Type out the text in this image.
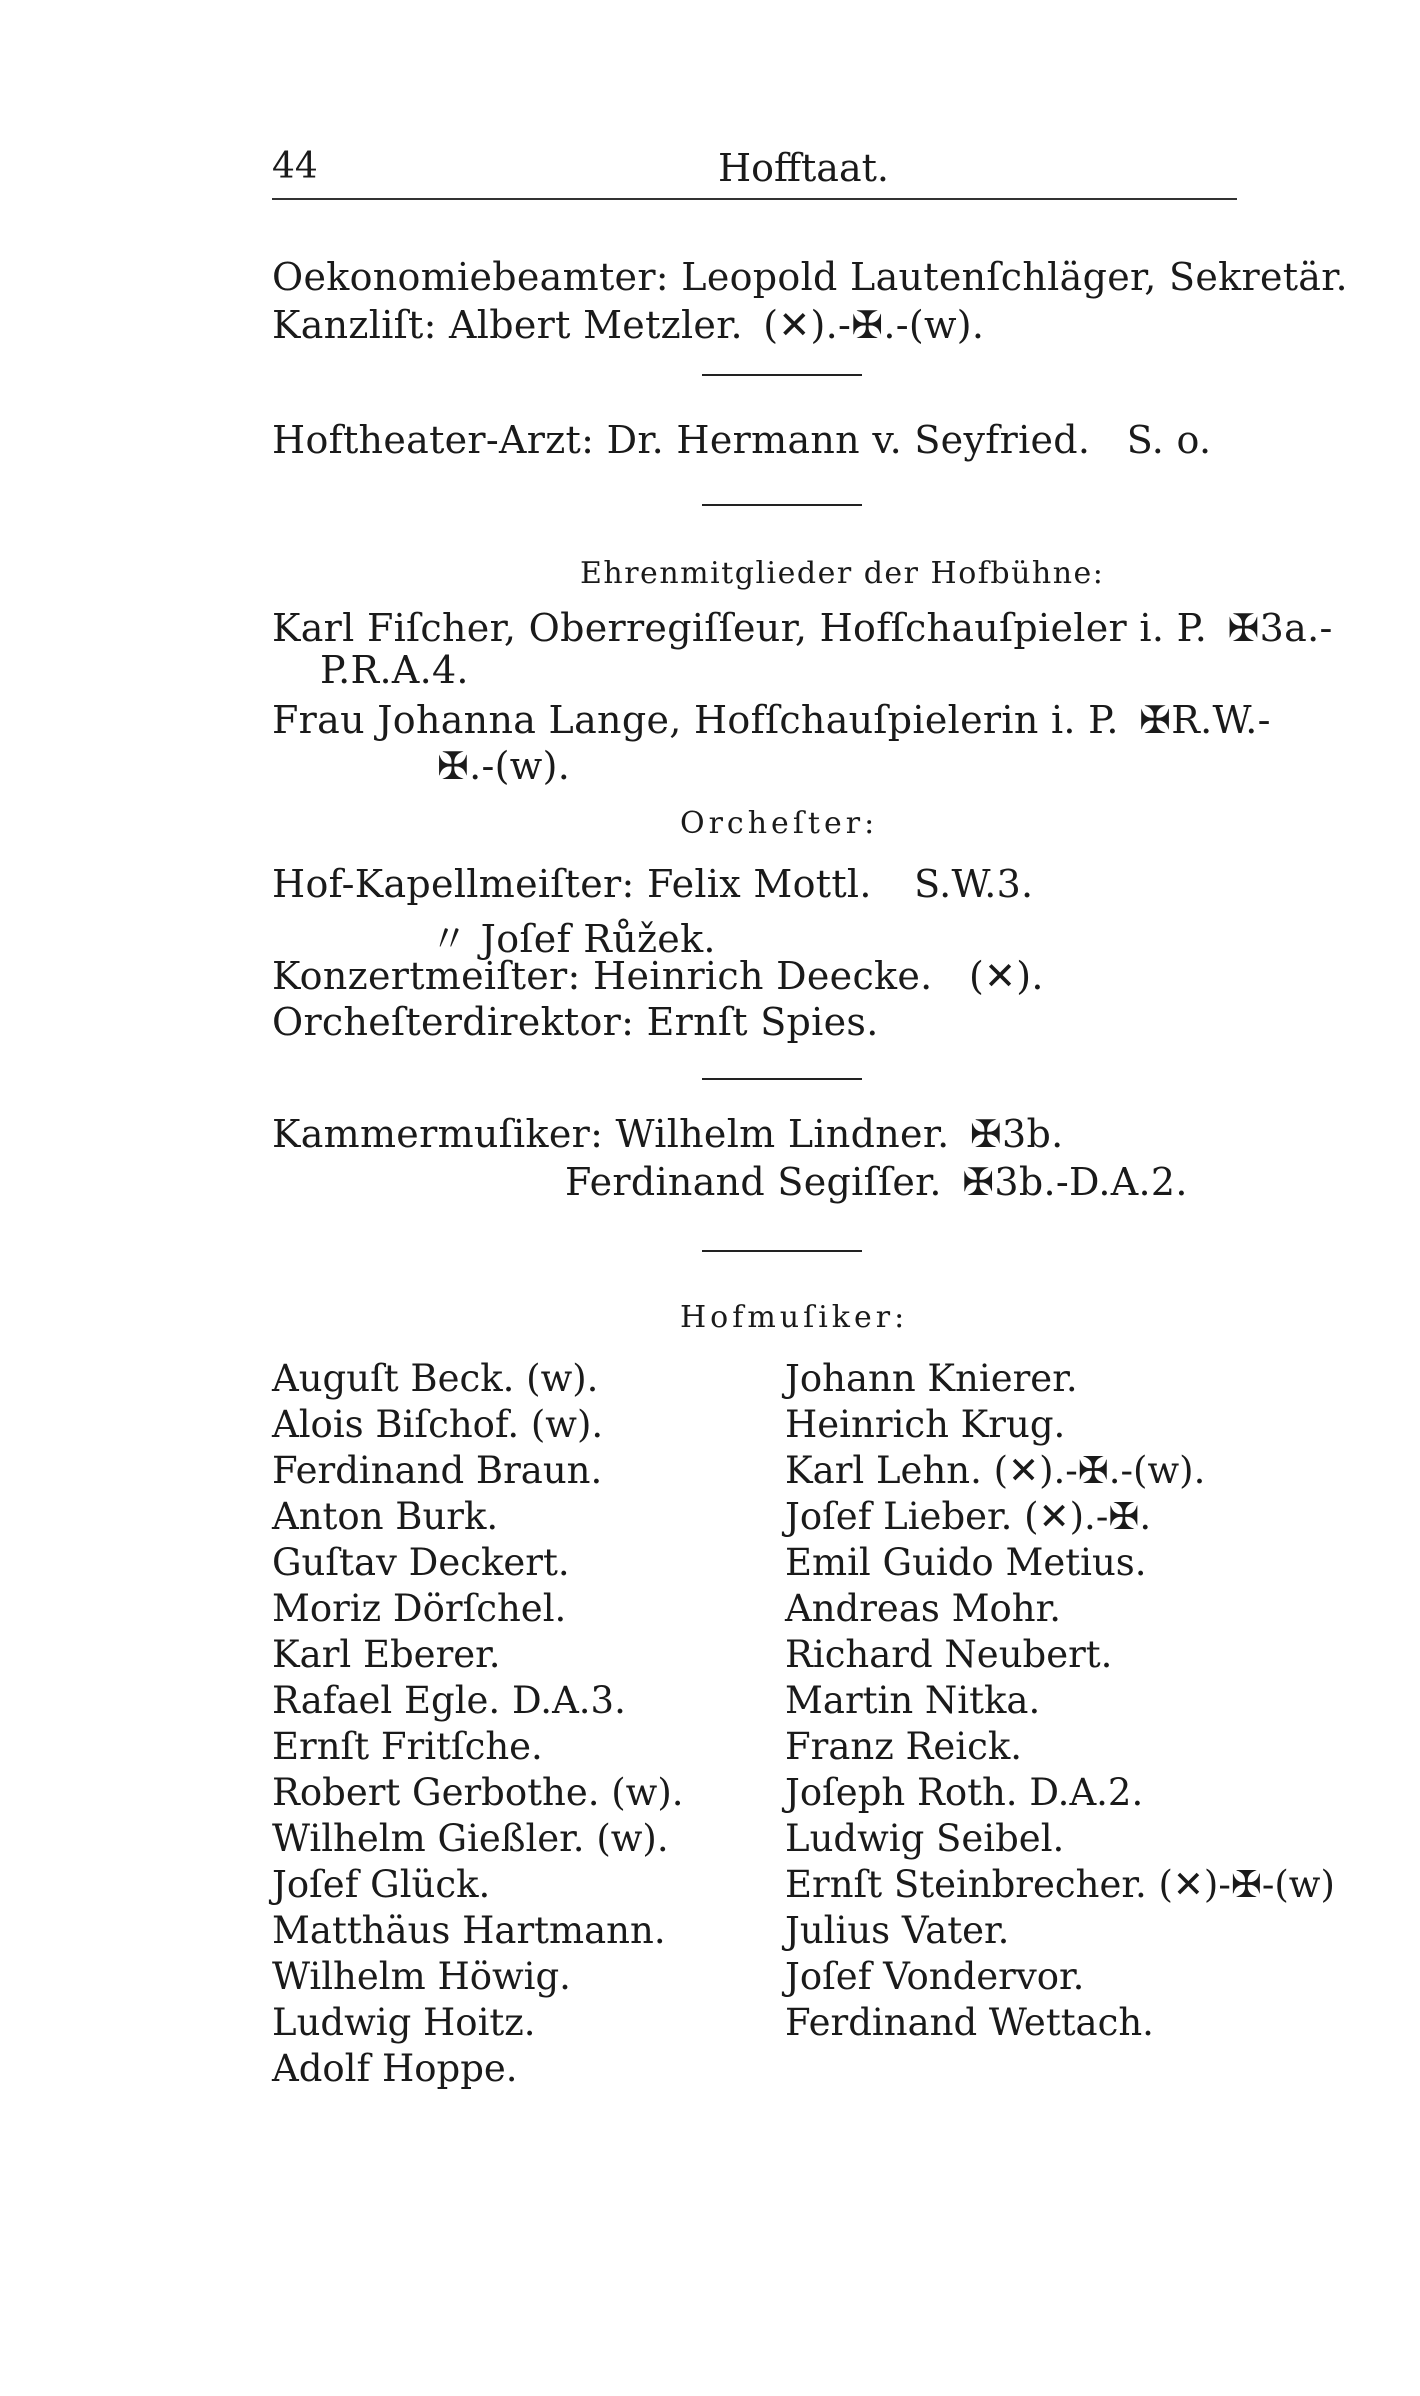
44	Hofftaat.
Oekonomiebeamter: Leopold Lautenſchläger, Sekretär.
Kanzliſt: Albert Metzler. (✕).-✠.-(w).
Hoftheater-Arzt: Dr. Hermann v. Seyfried. S. o.
Ehrenmitglieder der Hofbühne:
Karl Fiſcher, Oberregiſſeur, Hofſchauſpieler i. P. ✠3a.-
P.R.A.4.
Frau Johanna Lange, Hofſchauſpielerin i. P. ✠R.W.-
✠.-(w).
Orcheſter:
Hof-Kapellmeiſter: Felix Mottl. S.W.3.
〃 Joſef Růžek.
Konzertmeiſter: Heinrich Deecke. (✕).
Orcheſterdirektor: Ernſt Spies.
Kammermuſiker: Wilhelm Lindner. ✠3b.
Ferdinand Segiſſer. ✠3b.-D.A.2.
Hofmuſiker:
Auguſt Beck. (w).
Alois Biſchof. (w).
Ferdinand Braun.
Anton Burk.
Guſtav Deckert.
Moriz Dörſchel.
Karl Eberer.
Rafael Egle. D.A.3.
Ernſt Fritſche.
Robert Gerbothe. (w).
Wilhelm Gießler. (w).
Joſef Glück.
Matthäus Hartmann.
Wilhelm Höwig.
Ludwig Hoitz.
Adolf Hoppe.
Johann Knierer.
Heinrich Krug.
Karl Lehn. (✕).-✠.-(w).
Joſef Lieber. (✕).-✠.
Emil Guido Metius.
Andreas Mohr.
Richard Neubert.
Martin Nitka.
Franz Reick.
Joſeph Roth. D.A.2.
Ludwig Seibel.
Ernſt Steinbrecher. (✕)-✠-(w)
Julius Vater.
Joſef Vondervor.
Ferdinand Wettach.
